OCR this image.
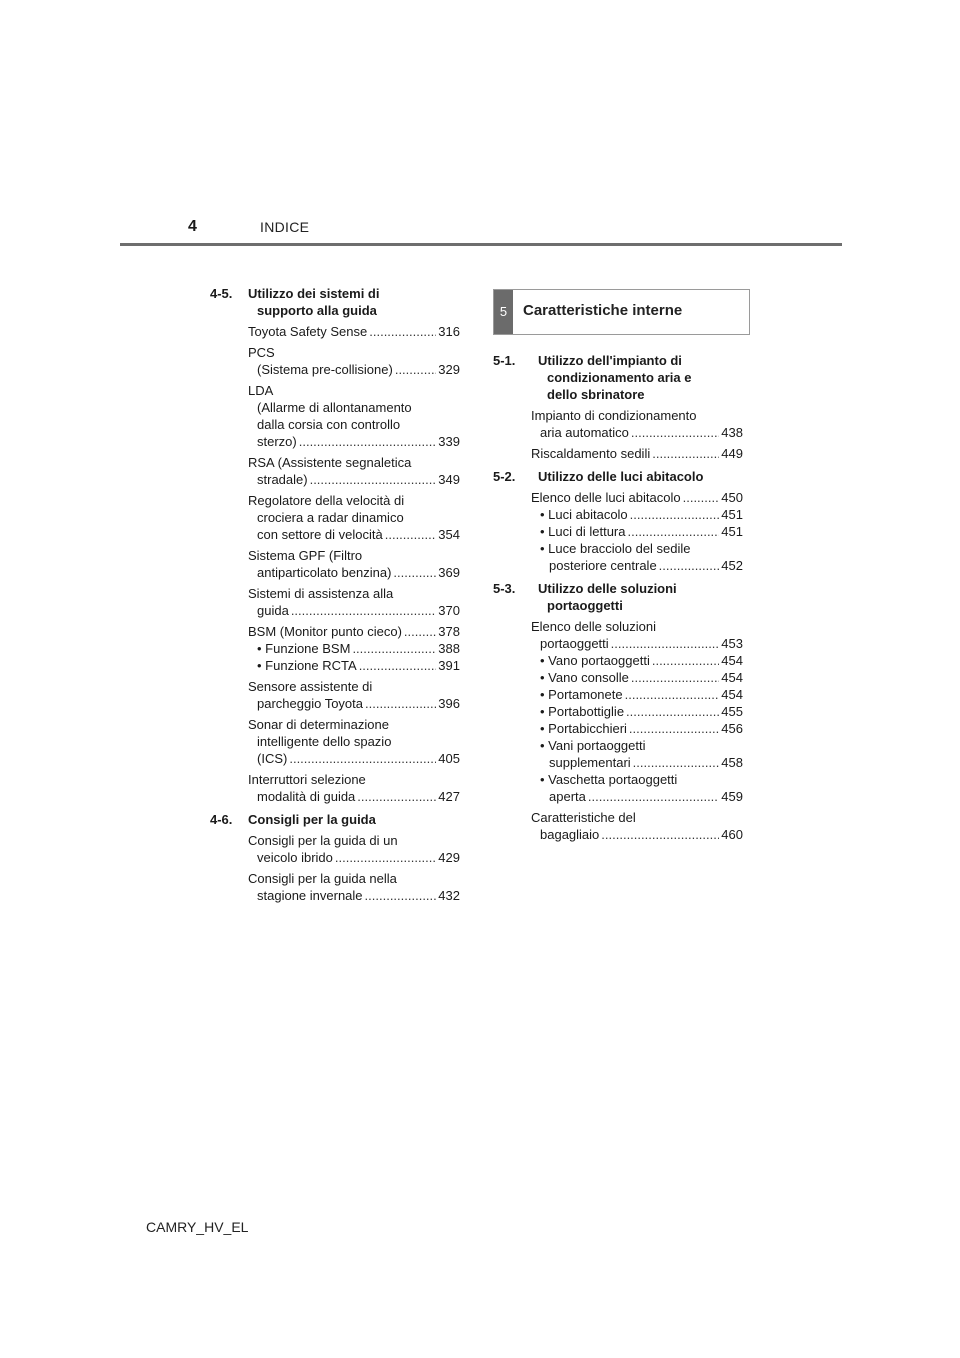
4	INDICE
4-5. Utilizzo dei sistemi di
supporto alla guida
Toyota Safety Sense .....	316
PCS
(Sistema pre-collisione) .....	329
LDA
(Allarme di allontanamento
dalla corsia con controllo
sterzo) .....	339
RSA (Assistente segnaletica
stradale) .....	349
Regolatore della velocità di
crociera a radar dinamico
con settore di velocità .....	354
Sistema GPF (Filtro
antiparticolato benzina) .....	369
Sistemi di assistenza alla
guida .....	370
BSM (Monitor punto cieco) .....	378
• Funzione BSM .....	388
• Funzione RCTA .....	391
Sensore assistente di
parcheggio Toyota .....	396
Sonar di determinazione
intelligente dello spazio
(ICS) .....	405
Interruttori selezione
modalità di guida .....	427
4-6. Consigli per la guida
Consigli per la guida di un
veicolo ibrido .....	429
Consigli per la guida nella
stagione invernale .....	432
5	Caratteristiche interne
5-1. Utilizzo dell'impianto di
condizionamento aria e
dello sbrinatore
Impianto di condizionamento
aria automatico .....	438
Riscaldamento sedili .....	449
5-2. Utilizzo delle luci abitacolo
Elenco delle luci abitacolo .....	450
• Luci abitacolo .....	451
• Luci di lettura .....	451
• Luce bracciolo del sedile
posteriore centrale .....	452
5-3. Utilizzo delle soluzioni
portaoggetti
Elenco delle soluzioni
portaoggetti .....	453
• Vano portaoggetti .....	454
• Vano consolle .....	454
• Portamonete .....	454
• Portabottiglie .....	455
• Portabicchieri .....	456
• Vani portaoggetti
supplementari .....	458
• Vaschetta portaoggetti
aperta .....	459
Caratteristiche del
bagagliaio .....	460
CAMRY_HV_EL
